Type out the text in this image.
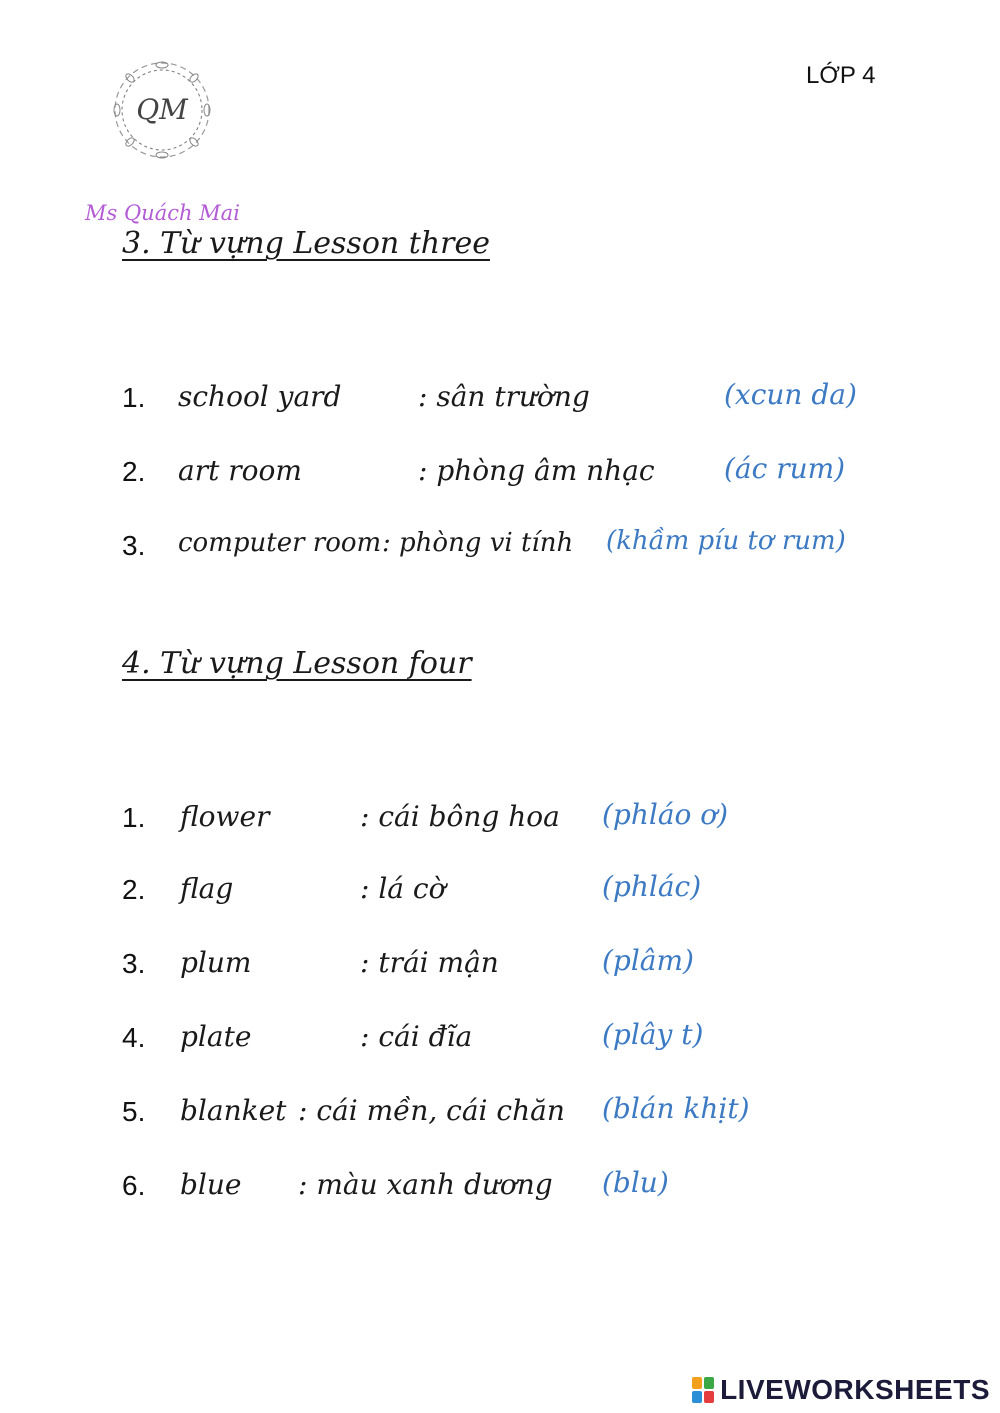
QM
Ms Quách Mai
LỚP 4
3. Từ vựng Lesson three
1.	school yard	: sân trường	(xcun da)
2.	art room	: phòng âm nhạc (ác rum)
3.	computer room : phòng vi tính (khầm píu tơ rum)
4. Từ vựng Lesson four
1.	flower	: cái bông hoa (phláo ơ)
2.	flag	: lá cờ	(phlác)
3.	plum	: trái mận	(plâm)
4.	plate	: cái đĩa	(plây t)
5.	blanket : cái mền, cái chăn (blán khịt)
6.	blue : màu xanh dương (blu)
LIVEWORKSHEETS
